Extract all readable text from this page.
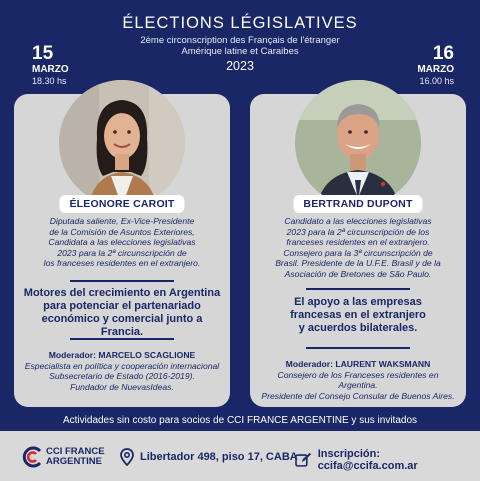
ÉLECTIONS LÉGISLATIVES
2ème circonscription des Français de l'étranger
Amérique latine et Caraibes
2023
15
MARZO
18.30 hs
16
MARZO
16.00 hs
ÉLEONORE CAROIT
Diputada saliente, Ex-Vice-Presidente
de la Comisión de Asuntos Exteriores,
Candidata a las elecciones legislativas
2023 para la 2ª circunscripción de
los franceses residentes en el extranjero.
Motores del crecimiento en Argentina
para potenciar el partenariado
económico y comercial junto a Francia.
Moderador: MARCELO SCAGLIONE
Especialista en política y cooperación internacional
Subsecretario de Estado (2016-2019).
Fundador de NuevasIdeas.
BERTRAND DUPONT
Candidato a las elecciones legislativas
2023 para la 2ª circunscripción de los
franceses residentes en el extranjero.
Consejero para la 3ª circunscripción de
Brasil. Presidente de la U.F.E. Brasil y de la
Asociación de Bretones de São Paulo.
El apoyo a las empresas
francesas en el extranjero
y acuerdos bilaterales.
Moderador: LAURENT WAKSMANN
Consejero de los Franceses residentes en Argentina.
Presidente del Consejo Consular de Buenos Aires.
Actividades sin costo para socios de CCI FRANCE ARGENTINE y sus invitados
CCI FRANCE
ARGENTINE	Libertador 498, piso 17, CABA Inscripción: ccifa@ccifa.com.ar
